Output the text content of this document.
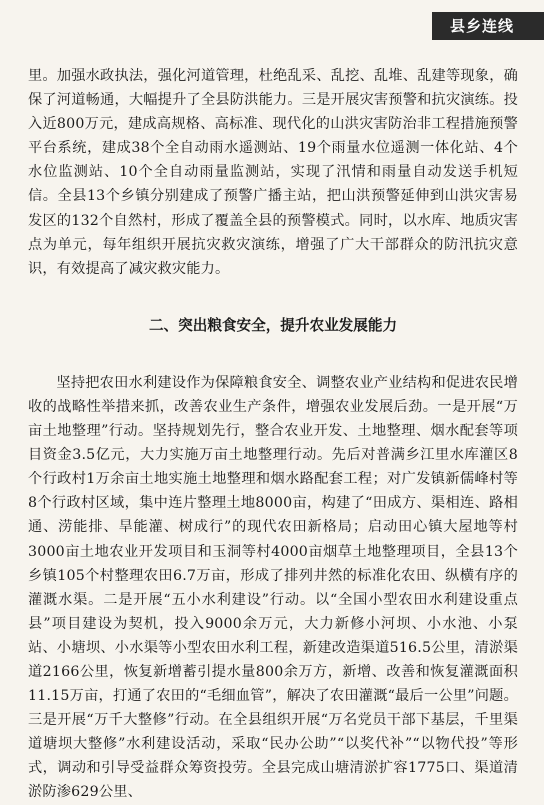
县乡连线

里。加强水政执法，强化河道管理，杜绝乱采、乱挖、乱堆、乱建等现象，确保了河道畅通，大幅提升了全县防洪能力。三是开展灾害预警和抗灾演练。投入近800万元，建成高规格、高标准、现代化的山洪灾害防治非工程措施预警平台系统，建成38个全自动雨水遥测站、19个雨量水位遥测一体化站、4个水位监测站、10个全自动雨量监测站，实现了汛情和雨量自动发送手机短信。全县13个乡镇分别建成了预警广播主站，把山洪预警延伸到山洪灾害易发区的132个自然村，形成了覆盖全县的预警模式。同时，以水库、地质灾害点为单元，每年组织开展抗灾救灾演练，增强了广大干部群众的防汛抗灾意识，有效提高了减灾救灾能力。

二、突出粮食安全，提升农业发展能力

坚持把农田水利建设作为保障粮食安全、调整农业产业结构和促进农民增收的战略性举措来抓，改善农业生产条件，增强农业发展后劲。一是开展“万亩土地整理”行动。坚持规划先行，整合农业开发、土地整理、烟水配套等项目资金3.5亿元，大力实施万亩土地整理行动。先后对普满乡江里水库灌区8个行政村1万余亩土地实施土地整理和烟水路配套工程；对广发镇新儒峰村等8个行政村区域，集中连片整理土地8000亩，构建了“田成方、渠相连、路相通、涝能排、旱能灌、树成行”的现代农田新格局；启动田心镇大屋地等村3000亩土地农业开发项目和玉洞等村4000亩烟草土地整理项目，全县13个乡镇105个村整理农田6.7万亩，形成了排列井然的标准化农田、纵横有序的灌溉水渠。二是开展“五小水利建设”行动。以“全国小型农田水利建设重点县”项目建设为契机，投入9000余万元，大力新修小河坝、小水池、小泵站、小塘坝、小水渠等小型农田水利工程，新建改造渠道516.5公里，清淤渠道2166公里，恢复新增蓄引提水量800余万方，新增、改善和恢复灌溉面积11.15万亩，打通了农田的“毛细血管”，解决了农田灌溉“最后一公里”问题。三是开展“万千大整修”行动。在全县组织开展“万名党员干部下基层，千里渠道塘坝大整修”水利建设活动，采取“民办公助”“以奖代补”“以物代投”等形式，调动和引导受益群众筹资投劳。全县完成山塘清淤扩容1775口、渠道清淤防渗629公里、
